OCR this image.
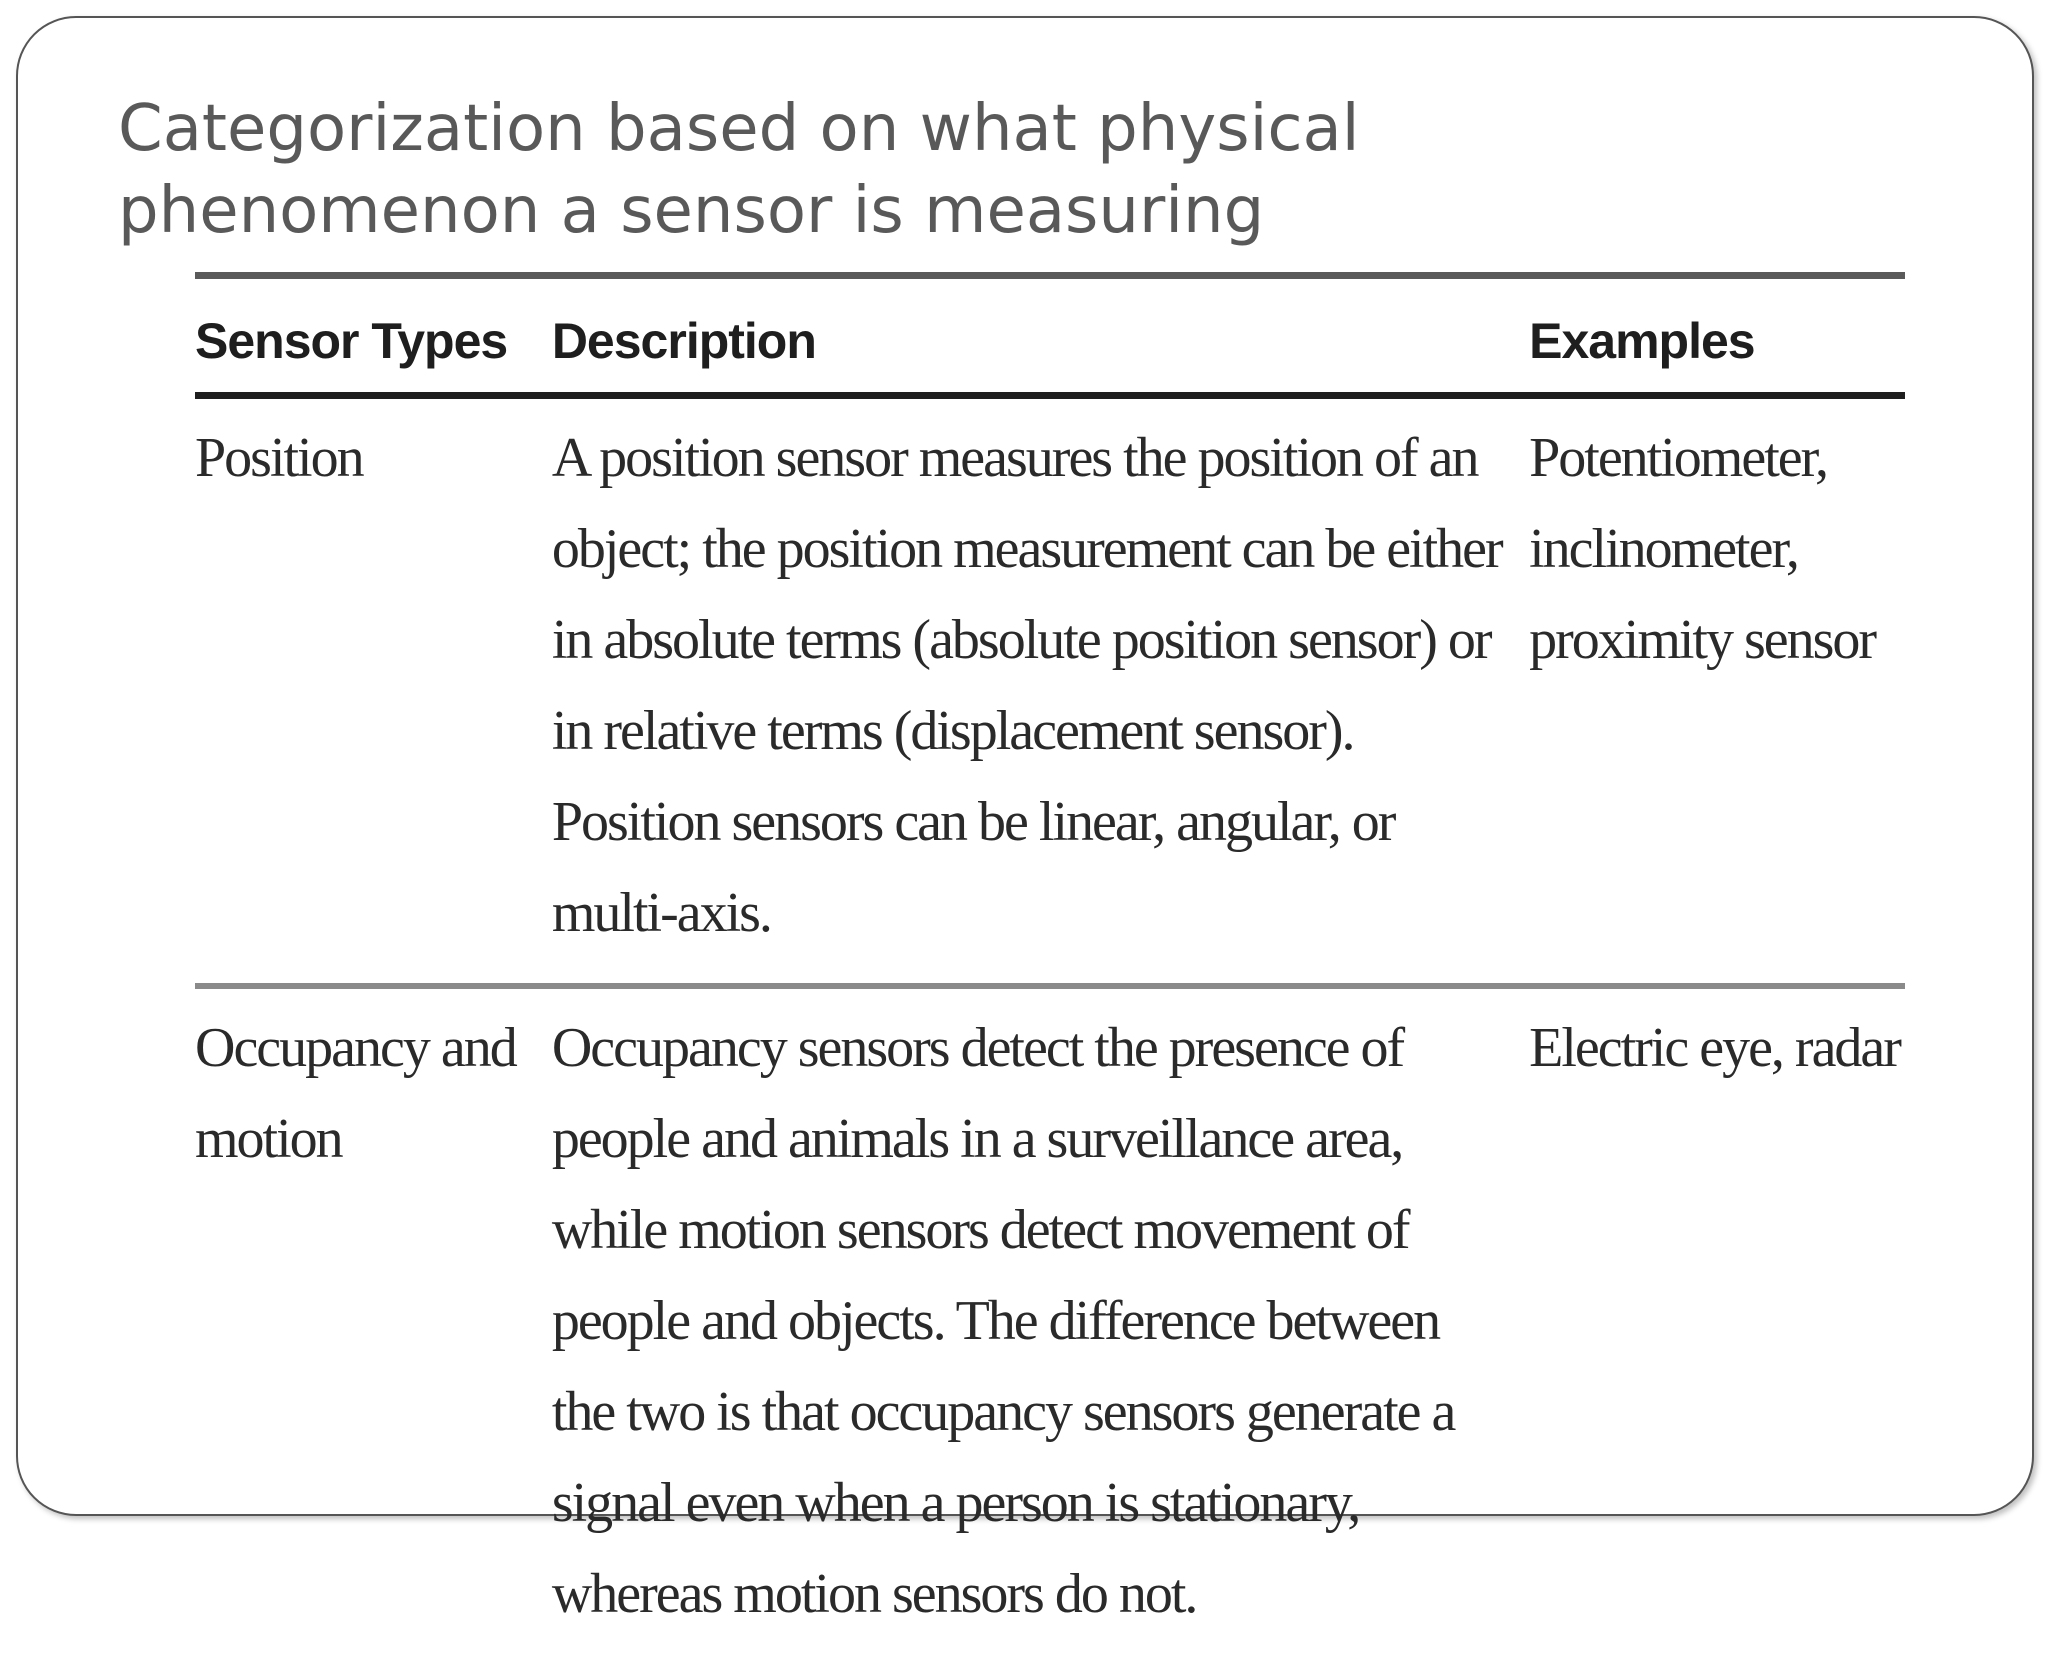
Categorization based on what physical
phenomenon a sensor is measuring
Sensor Types	Description	Examples
Position	A position sensor measures the position of an object; the position measurement can be either in absolute terms (absolute position sensor) or in relative terms (displacement sensor). Position sensors can be linear, angular, or multi-axis.	Potentiometer, inclinometer, proximity sensor
Occupancy and motion	Occupancy sensors detect the presence of people and animals in a surveillance area, while motion sensors detect movement of people and objects. The difference between the two is that occupancy sensors generate a signal even when a person is stationary, whereas motion sensors do not.	Electric eye, radar
